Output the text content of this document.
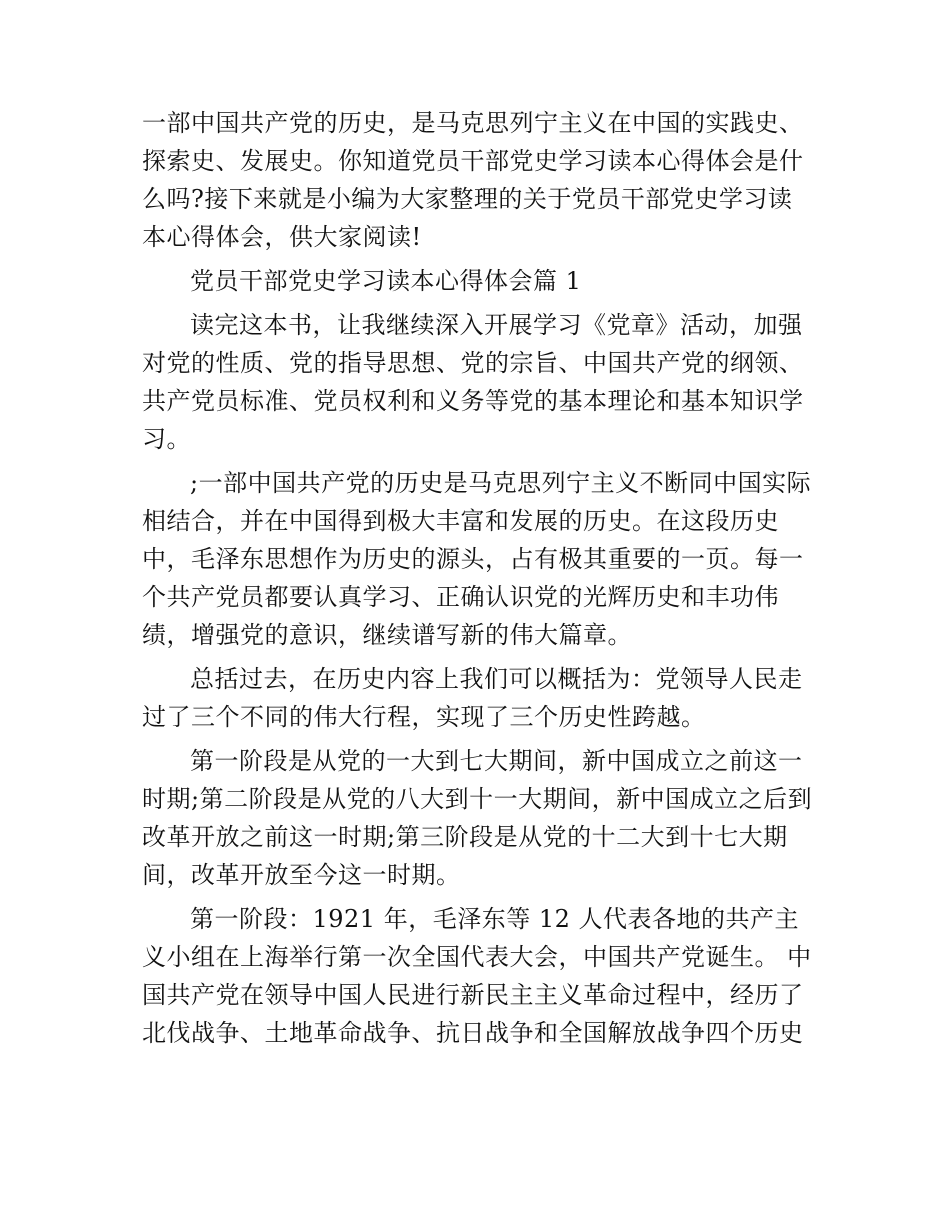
一部中国共产党的历史，是马克思列宁主义在中国的实践史、探索史、发展史。你知道党员干部党史学习读本心得体会是什么吗?接下来就是小编为大家整理的关于党员干部党史学习读本心得体会，供大家阅读!

党员干部党史学习读本心得体会篇 1

读完这本书，让我继续深入开展学习《党章》活动，加强对党的性质、党的指导思想、党的宗旨、中国共产党的纲领、共产党员标准、党员权利和义务等党的基本理论和基本知识学习。

;一部中国共产党的历史是马克思列宁主义不断同中国实际相结合，并在中国得到极大丰富和发展的历史。在这段历史中，毛泽东思想作为历史的源头，占有极其重要的一页。每一个共产党员都要认真学习、正确认识党的光辉历史和丰功伟绩，增强党的意识，继续谱写新的伟大篇章。

总括过去，在历史内容上我们可以概括为：党领导人民走过了三个不同的伟大行程，实现了三个历史性跨越。

第一阶段是从党的一大到七大期间，新中国成立之前这一时期;第二阶段是从党的八大到十一大期间，新中国成立之后到改革开放之前这一时期;第三阶段是从党的十二大到十七大期间，改革开放至今这一时期。

第一阶段：1921 年，毛泽东等 12 人代表各地的共产主义小组在上海举行第一次全国代表大会，中国共产党诞生。 中国共产党在领导中国人民进行新民主主义革命过程中，经历了北伐战争、土地革命战争、抗日战争和全国解放战争四个历史
